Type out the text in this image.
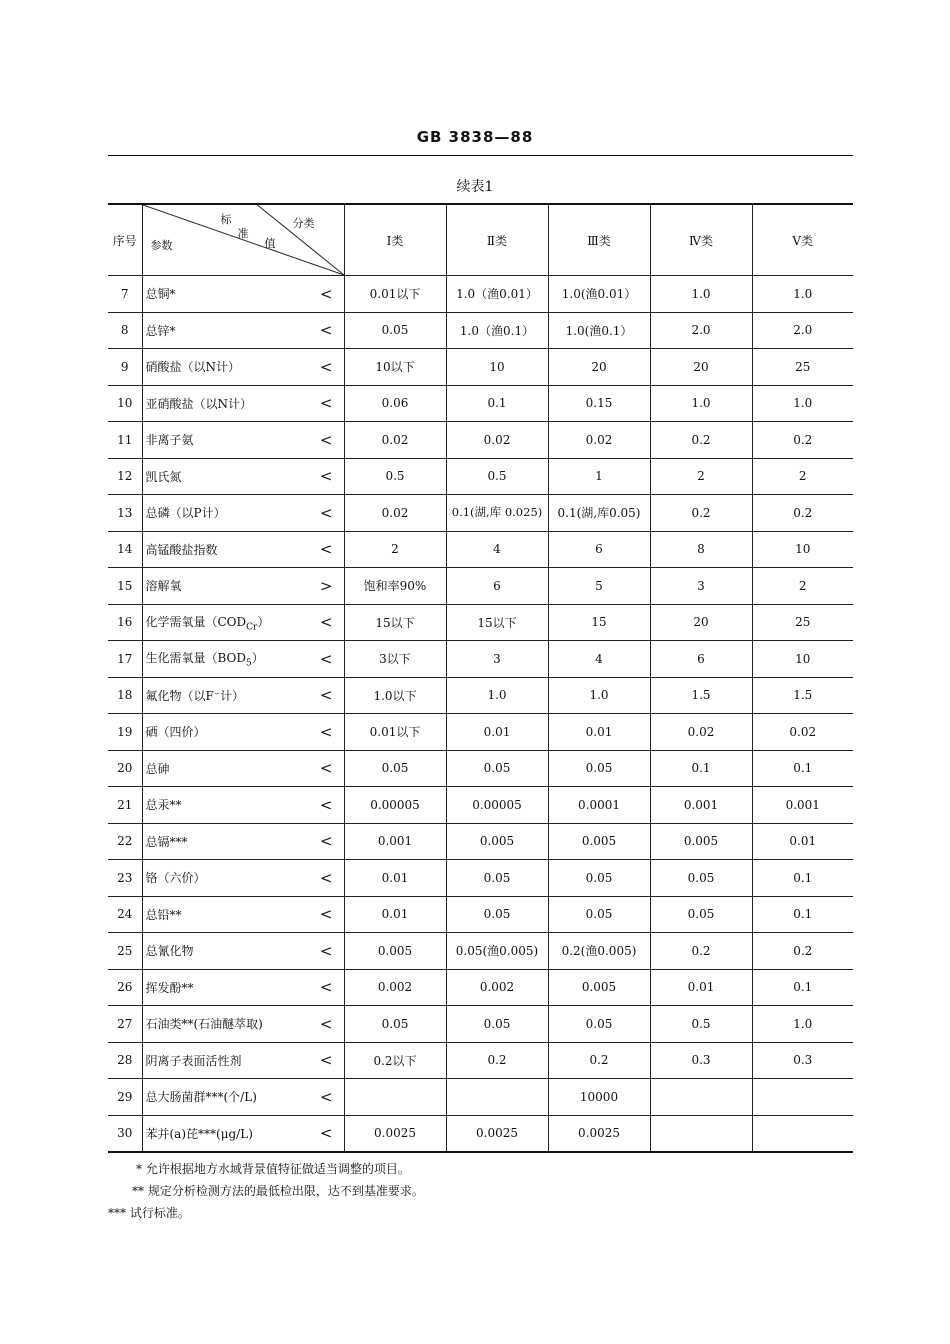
GB 3838—88
续表1
序号	分类
标
准
值
参数	Ⅰ类	Ⅱ类	Ⅲ类	Ⅳ类	Ⅴ类
7	总铜* <	0.01以下	1.0（渔0.01）	1.0(渔0.01）	1.0	1.0
8	总锌* <	0.05	1.0（渔0.1）	1.0(渔0.1）	2.0	2.0
9	硝酸盐（以N计） <	10以下	10	20	20	25
10	亚硝酸盐（以N计） <	0.06	0.1	0.15	1.0	1.0
11	非离子氨 <	0.02	0.02	0.02	0.2	0.2
12	凯氏氮 <	0.5	0.5	1	2	2
13	总磷（以P计） <	0.02	0.1(湖,库 0.025)	0.1(湖,库0.05)	0.2	0.2
14	高锰酸盐指数 <	2	4	6	8	10
15	溶解氧 >	饱和率90%	6	5	3	2
16	化学需氧量$(COD_{Cr})$ <	15以下	15以下	15	20	25
17	生化需氧量$(BOD_5)$ <	3以下	3	4	6	10
18	氟化物（以F⁻计） <	1.0以下	1.0	1.0	1.5	1.5
19	硒（四价） <	0.01以下	0.01	0.01	0.02	0.02
20	总砷 <	0.05	0.05	0.05	0.1	0.1
21	总汞** <	0.00005	0.00005	0.0001	0.001	0.001
22	总镉*** <	0.001	0.005	0.005	0.005	0.01
23	铬（六价） <	0.01	0.05	0.05	0.05	0.1
24	总铅** <	0.01	0.05	0.05	0.05	0.1
25	总氰化物 <	0.005	0.05(渔0.005)	0.2(渔0.005)	0.2	0.2
26	挥发酚** <	0.002	0.002	0.005	0.01	0.1
27	石油类**(石油醚萃取) <	0.05	0.05	0.05	0.5	1.0
28	阴离子表面活性剂 <	0.2以下	0.2	0.2	0.3	0.3
29	总大肠菌群***(个/L) <			10000		
30	苯并(a)芘***(μg/L) <	0.0025	0.0025	0.0025		
* 允许根据地方水域背景值特征做适当调整的项目。
** 规定分析检测方法的最低检出限，达不到基准要求。
*** 试行标准。
